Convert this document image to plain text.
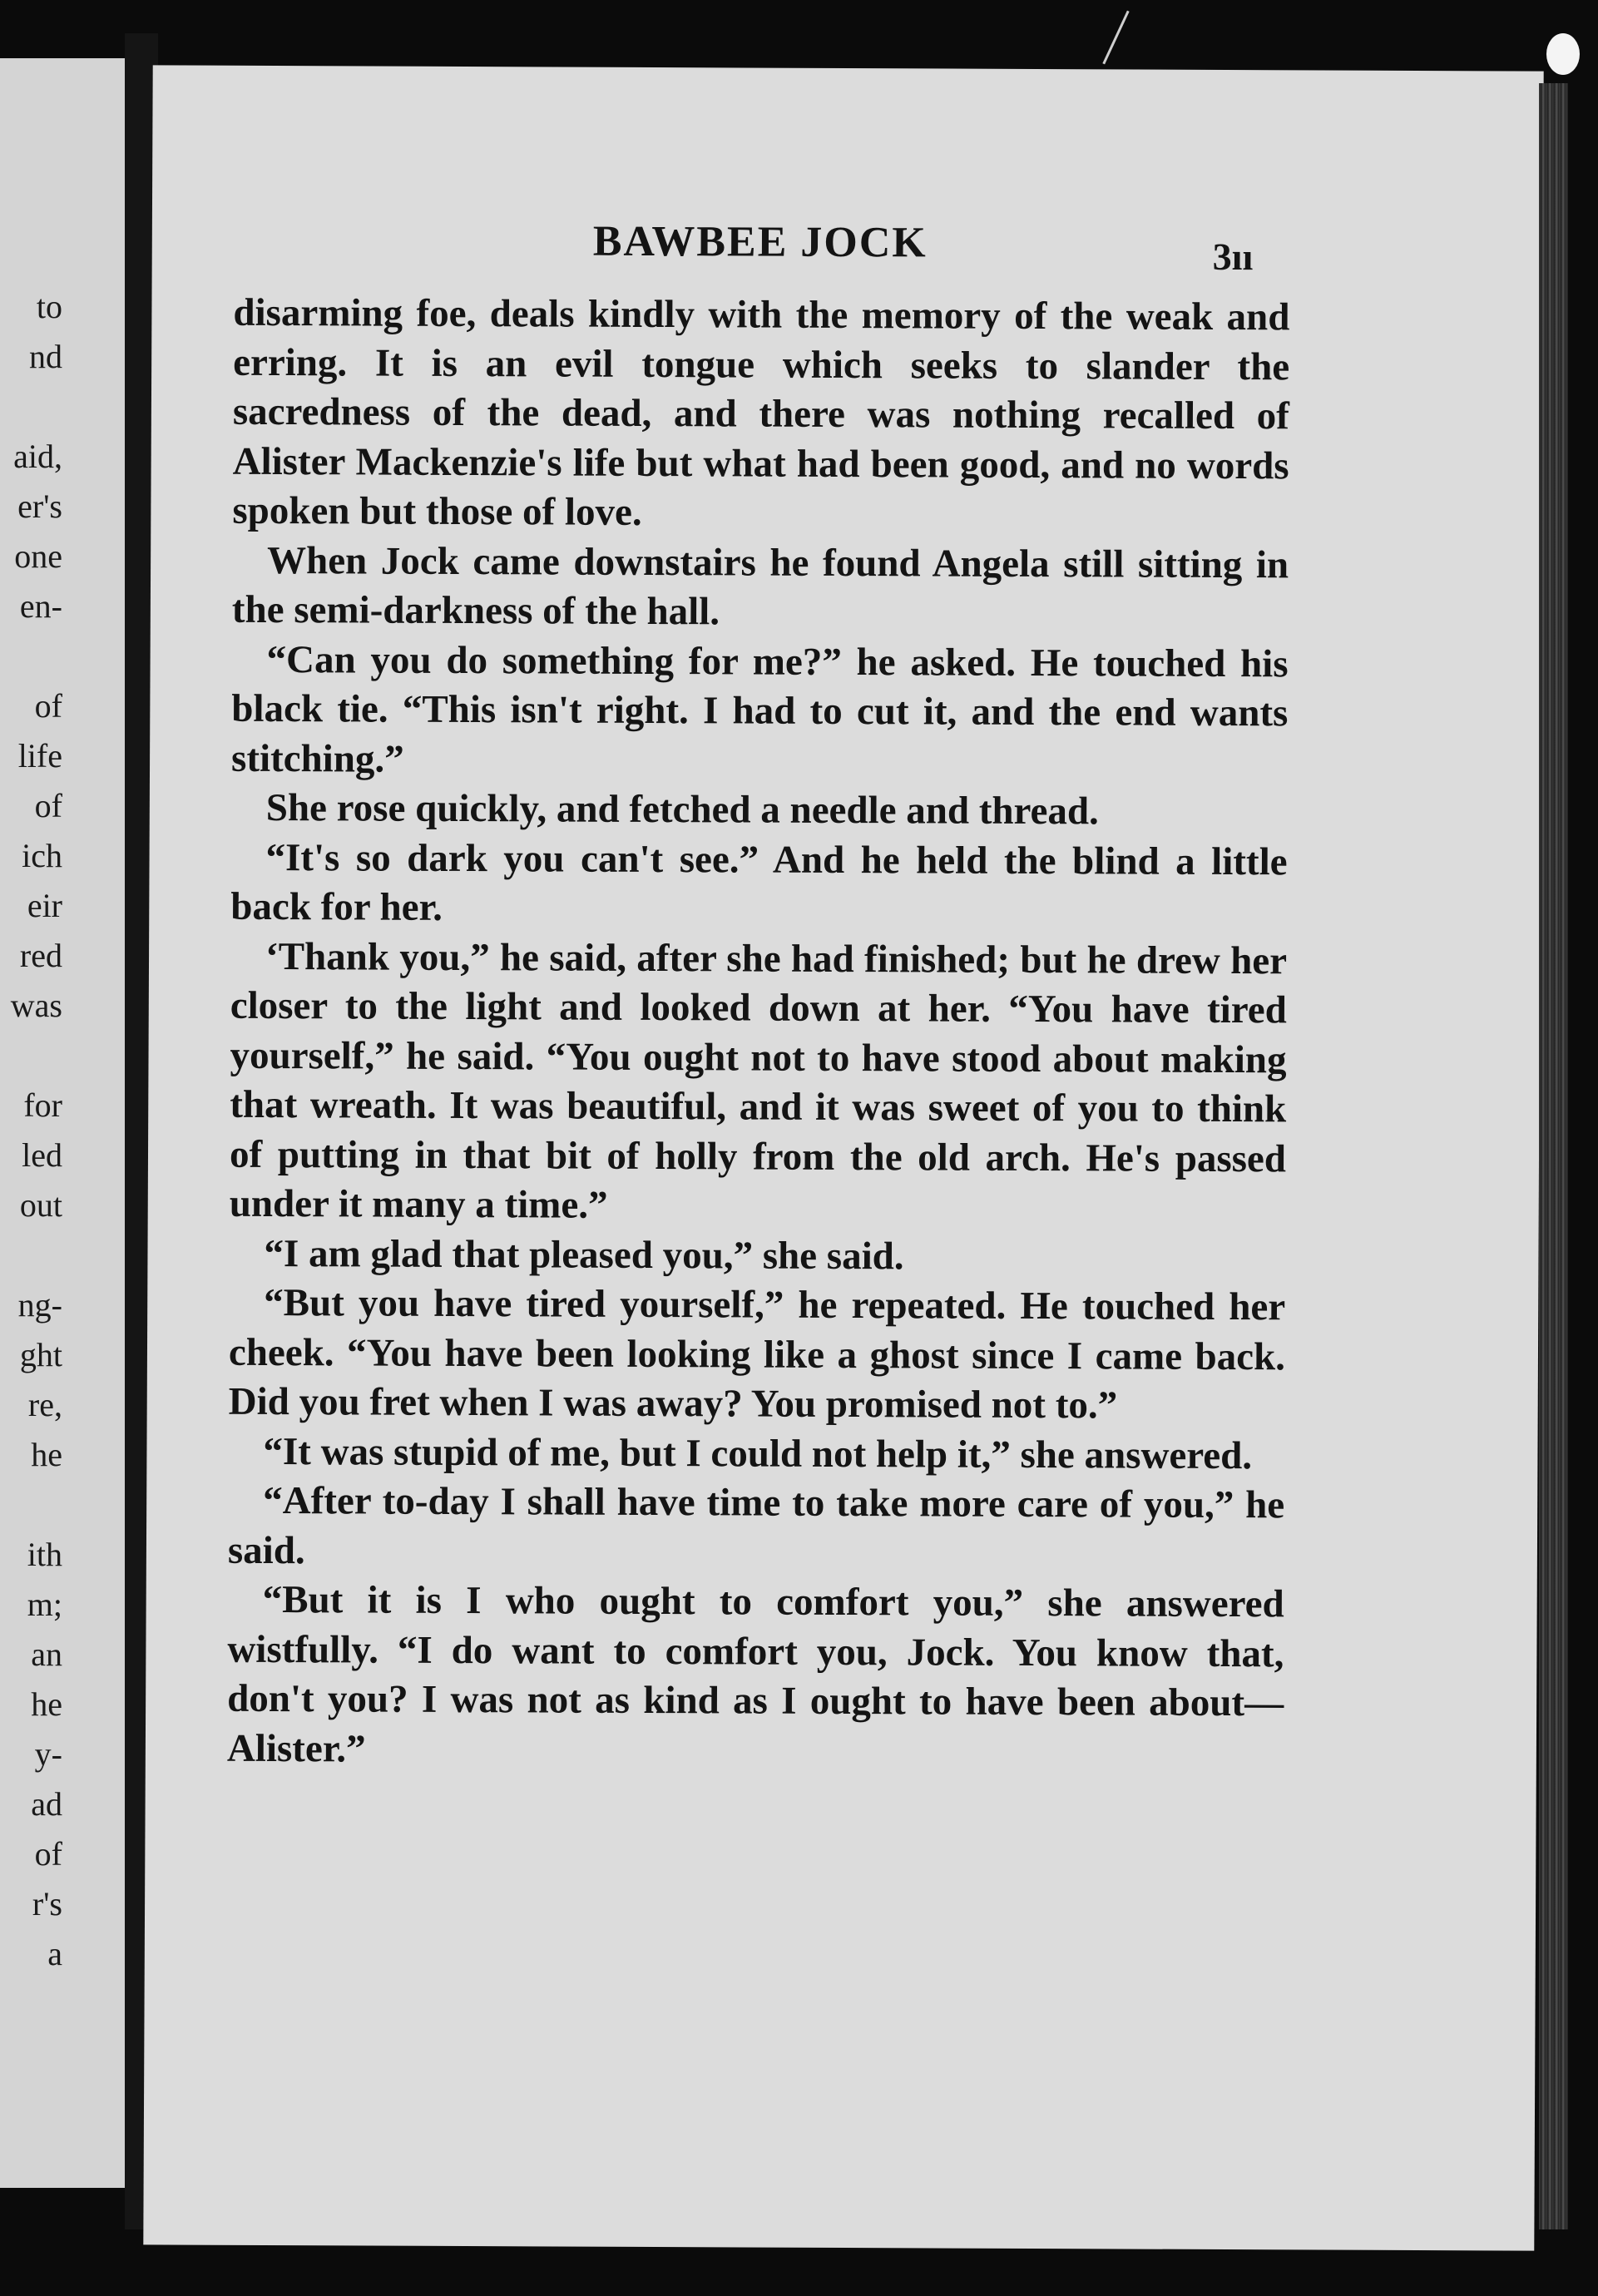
to
nd
aid,
er's
one
en-
of
life
of
ich
eir
red
was
for
led
out
ng-
ght
re,
he
ith
m;
an
he
y-
ad
of
r's
a
BAWBEE JOCK	3ıı

disarming foe, deals kindly with the memory of the weak and erring. It is an evil tongue which seeks to slander the sacredness of the dead, and there was nothing recalled of Alister Mackenzie's life but what had been good, and no words spoken but those of love.

When Jock came downstairs he found Angela still sitting in the semi-darkness of the hall.

“Can you do something for me?” he asked. He touched his black tie. “This isn't right. I had to cut it, and the end wants stitching.”

She rose quickly, and fetched a needle and thread.

“It's so dark you can't see.” And he held the blind a little back for her.

‘Thank you,” he said, after she had finished; but he drew her closer to the light and looked down at her. “You have tired yourself,” he said. “You ought not to have stood about making that wreath. It was beautiful, and it was sweet of you to think of putting in that bit of holly from the old arch. He's passed under it many a time.”

“I am glad that pleased you,” she said.

“But you have tired yourself,” he repeated. He touched her cheek. “You have been looking like a ghost since I came back. Did you fret when I was away? You promised not to.”

“It was stupid of me, but I could not help it,” she answered.

“After to-day I shall have time to take more care of you,” he said.

“But it is I who ought to comfort you,” she answered wistfully. “I do want to comfort you, Jock. You know that, don't you? I was not as kind as I ought to have been about—Alister.”
